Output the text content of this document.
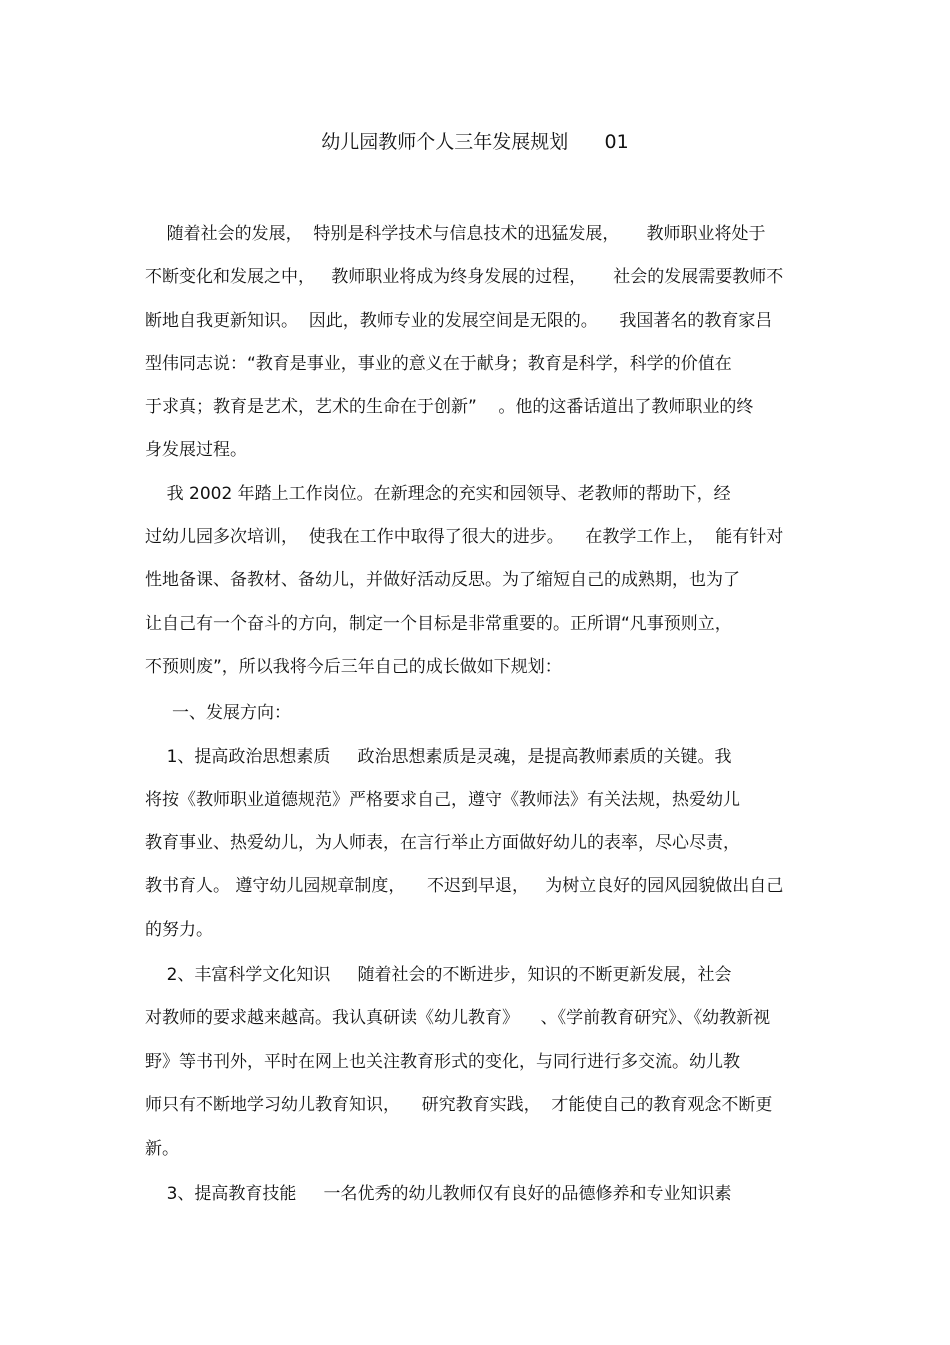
幼儿园教师个人三年发展规划      01
随着社会的发展，  特别是科学技术与信息技术的迅猛发展，     教师职业将处于
不断变化和发展之中，   教师职业将成为终身发展的过程，     社会的发展需要教师不
断地自我更新知识。  因此，教师专业的发展空间是无限的。    我国著名的教育家吕
型伟同志说：“教育是事业，事业的意义在于献身；教育是科学，科学的价值在
于求真；教育是艺术，艺术的生命在于创新”    。他的这番话道出了教师职业的终
身发展过程。
我 2002 年踏上工作岗位。在新理念的充实和园领导、老教师的帮助下，经
过幼儿园多次培训，  使我在工作中取得了很大的进步。    在教学工作上，  能有针对
性地备课、备教材、备幼儿，并做好活动反思。为了缩短自己的成熟期，也为了
让自己有一个奋斗的方向，制定一个目标是非常重要的。正所谓“凡事预则立，
不预则废”，所以我将今后三年自己的成长做如下规划：
一、发展方向：
1、提高政治思想素质     政治思想素质是灵魂，是提高教师素质的关键。我
将按《教师职业道德规范》严格要求自己，遵守《教师法》有关法规，热爱幼儿
教育事业、热爱幼儿，为人师表，在言行举止方面做好幼儿的表率，尽心尽责，
教书育人。 遵守幼儿园规章制度，    不迟到早退，   为树立良好的园风园貌做出自己
的努力。
2、丰富科学文化知识     随着社会的不断进步，知识的不断更新发展，社会
对教师的要求越来越高。我认真研读《幼儿教育》    、《学前教育研究》、《幼教新视
野》等书刊外，平时在网上也关注教育形式的变化，与同行进行多交流。幼儿教
师只有不断地学习幼儿教育知识，    研究教育实践，  才能使自己的教育观念不断更
新。
3、提高教育技能     一名优秀的幼儿教师仅有良好的品德修养和专业知识素
